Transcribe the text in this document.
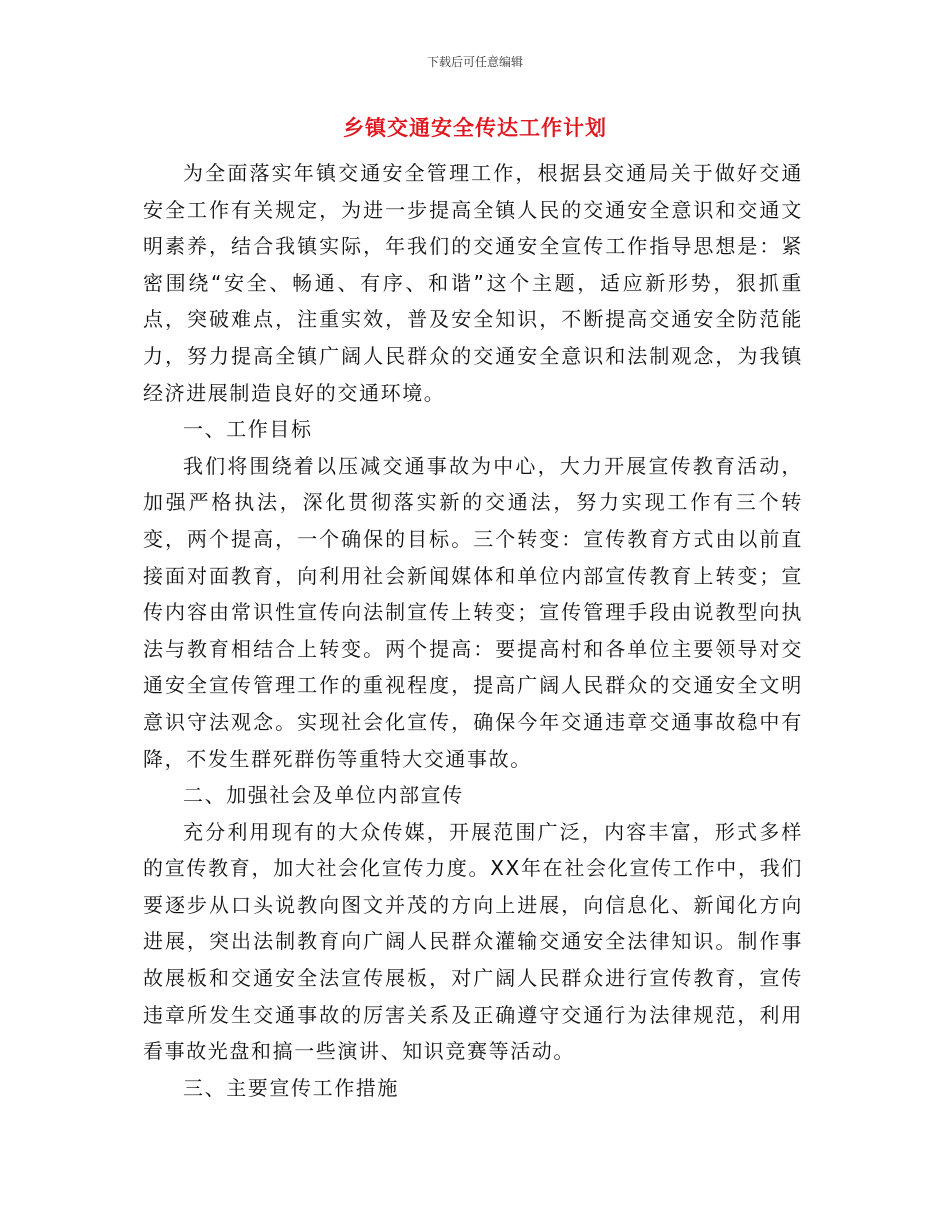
下载后可任意编辑
乡镇交通安全传达工作计划

为全面落实年镇交通安全管理工作，根据县交通局关于做好交通安全工作有关规定，为进一步提高全镇人民的交通安全意识和交通文明素养，结合我镇实际，年我们的交通安全宣传工作指导思想是：紧密围绕“安全、畅通、有序、和谐”这个主题，适应新形势，狠抓重点，突破难点，注重实效，普及安全知识，不断提高交通安全防范能力，努力提高全镇广阔人民群众的交通安全意识和法制观念，为我镇经济进展制造良好的交通环境。

一、工作目标

我们将围绕着以压减交通事故为中心，大力开展宣传教育活动，加强严格执法，深化贯彻落实新的交通法，努力实现工作有三个转变，两个提高，一个确保的目标。三个转变：宣传教育方式由以前直接面对面教育，向利用社会新闻媒体和单位内部宣传教育上转变；宣传内容由常识性宣传向法制宣传上转变；宣传管理手段由说教型向执法与教育相结合上转变。两个提高：要提高村和各单位主要领导对交通安全宣传管理工作的重视程度，提高广阔人民群众的交通安全文明意识守法观念。实现社会化宣传，确保今年交通违章交通事故稳中有降，不发生群死群伤等重特大交通事故。

二、加强社会及单位内部宣传

充分利用现有的大众传媒，开展范围广泛，内容丰富，形式多样的宣传教育，加大社会化宣传力度。XX年在社会化宣传工作中，我们要逐步从口头说教向图文并茂的方向上进展，向信息化、新闻化方向进展，突出法制教育向广阔人民群众灌输交通安全法律知识。制作事故展板和交通安全法宣传展板，对广阔人民群众进行宣传教育，宣传违章所发生交通事故的厉害关系及正确遵守交通行为法律规范，利用看事故光盘和搞一些演讲、知识竞赛等活动。

三、主要宣传工作措施
